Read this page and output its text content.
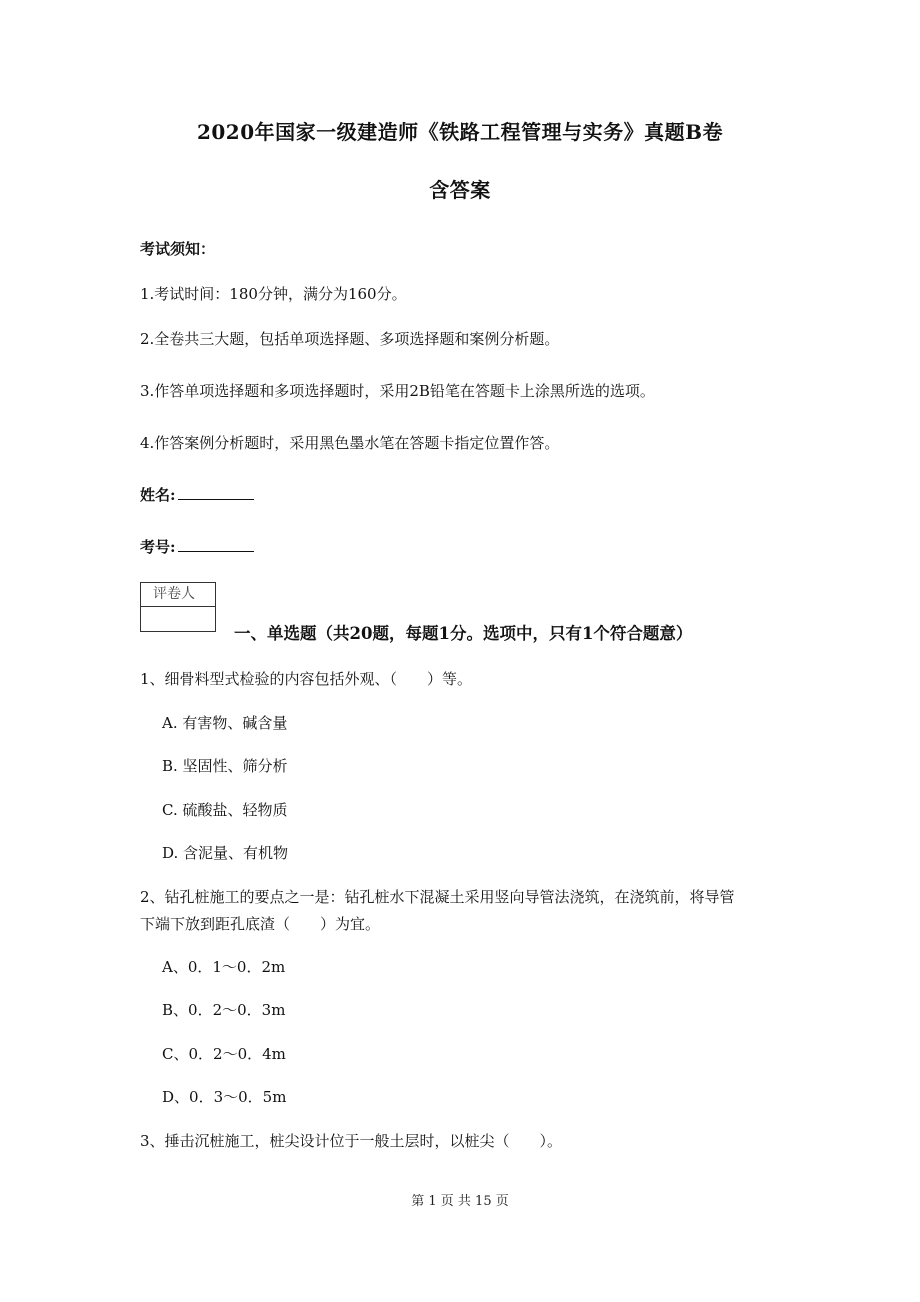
2020年国家一级建造师《铁路工程管理与实务》真题B卷
含答案
考试须知：
1.考试时间：180分钟，满分为160分。
2.全卷共三大题，包括单项选择题、多项选择题和案例分析题。
3.作答单项选择题和多项选择题时，采用2B铅笔在答题卡上涂黑所选的选项。
4.作答案例分析题时，采用黑色墨水笔在答题卡指定位置作答。
姓名:
考号:
评卷人
一、单选题（共20题，每题1分。选项中，只有1个符合题意）
1、细骨料型式检验的内容包括外观、（　　）等。
A. 有害物、碱含量
B. 坚固性、筛分析
C. 硫酸盐、轻物质
D. 含泥量、有机物
2、钻孔桩施工的要点之一是：钻孔桩水下混凝土采用竖向导管法浇筑，在浇筑前，将导管
下端下放到距孔底渣（　　）为宜。
A、0．1～0．2m
B、0．2～0．3m
C、0．2～0．4m
D、0．3～0．5m
3、捶击沉桩施工，桩尖设计位于一般土层时，以桩尖（　　）。
第 1 页 共 15 页
